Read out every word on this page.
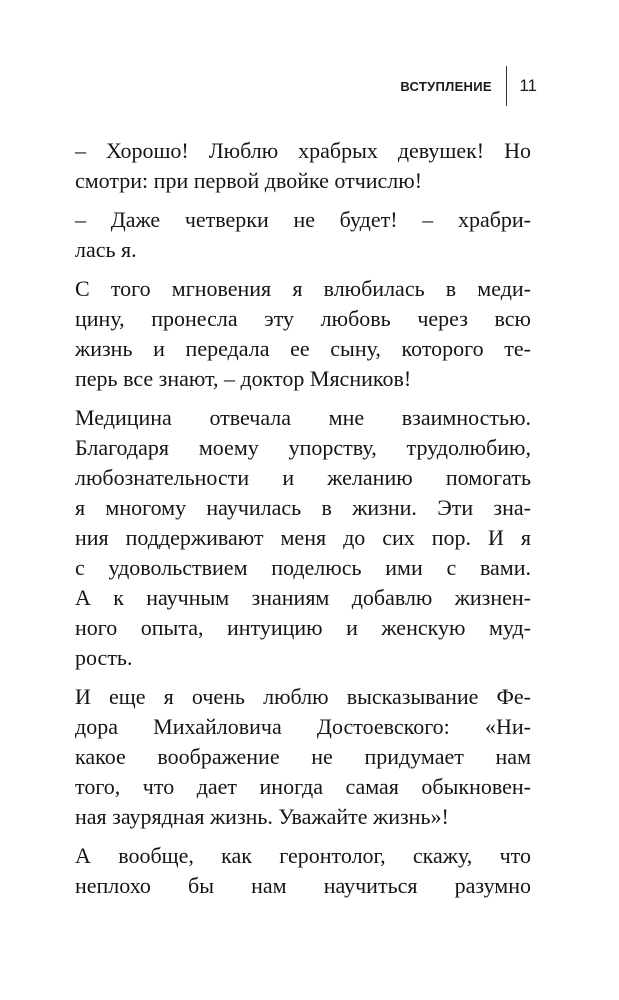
ВСТУПЛЕНИЕ 11
– Хорошо! Люблю храбрых девушек! Но
смотри: при первой двойке отчислю!
– Даже четверки не будет! – храбри-
лась я.
С того мгновения я влюбилась в меди-
цину, пронесла эту любовь через всю
жизнь и передала ее сыну, которого те-
перь все знают, – доктор Мясников!
Медицина отвечала мне взаимностью.
Благодаря моему упорству, трудолюбию,
любознательности и желанию помогать
я многому научилась в жизни. Эти зна-
ния поддерживают меня до сих пор. И я
с удовольствием поделюсь ими с вами.
А к научным знаниям добавлю жизнен-
ного опыта, интуицию и женскую муд-
рость.
И еще я очень люблю высказывание Фе-
дора Михайловича Достоевского: «Ни-
какое воображение не придумает нам
того, что дает иногда самая обыкновен-
ная заурядная жизнь. Уважайте жизнь»!
А вообще, как геронтолог, скажу, что
неплохо бы нам научиться разумно
